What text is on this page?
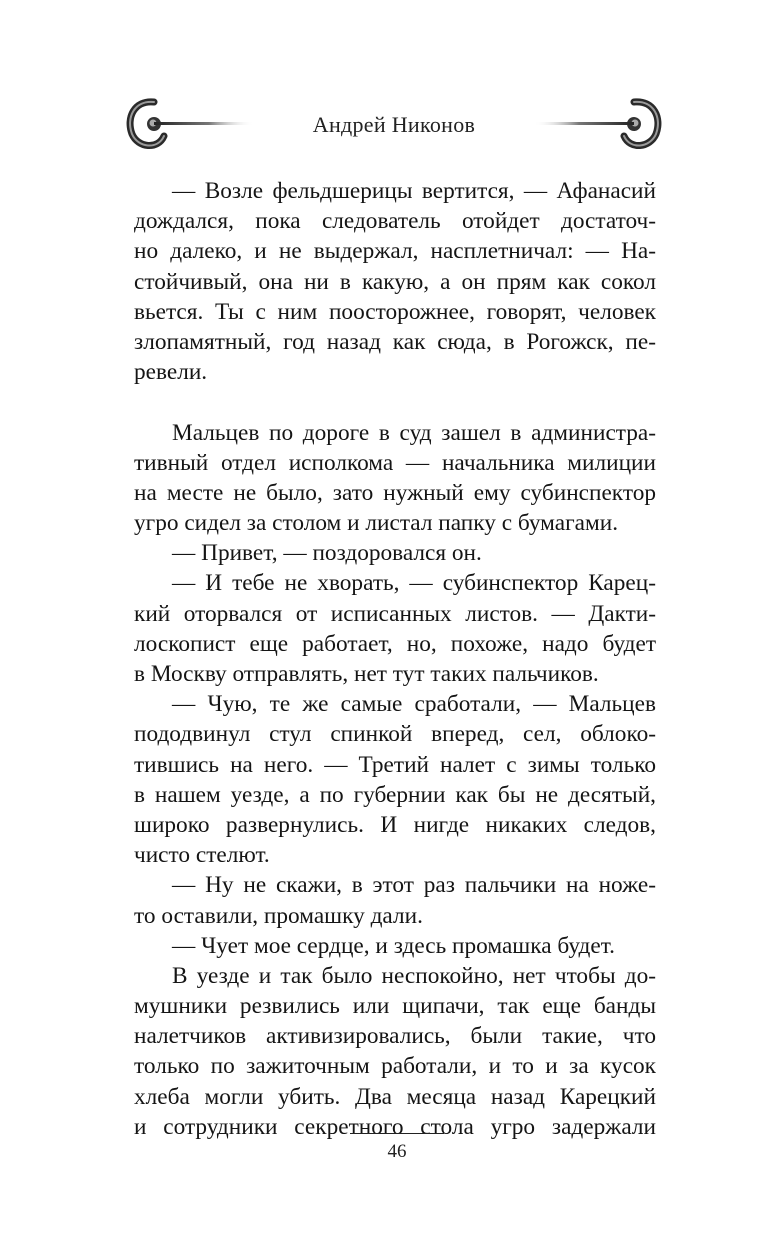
Андрей Никонов
— Возле фельдшерицы вертится, — Афанасий
дождался, пока следователь отойдет достаточ-
но далеко, и не выдержал, насплетничал: — На-
стойчивый, она ни в какую, а он прям как сокол
вьется. Ты с ним поосторожнее, говорят, человек
злопамятный, год назад как сюда, в Рогожск, пе-
ревели.
Мальцев по дороге в суд зашел в администра-
тивный отдел исполкома — начальника милиции
на месте не было, зато нужный ему субинспектор
угро сидел за столом и листал папку с бумагами.
— Привет, — поздоровался он.
— И тебе не хворать, — субинспектор Карец-
кий оторвался от исписанных листов. — Дакти-
лоскопист еще работает, но, похоже, надо будет
в Москву отправлять, нет тут таких пальчиков.
— Чую, те же самые сработали, — Мальцев
пододвинул стул спинкой вперед, сел, облоко-
тившись на него. — Третий налет с зимы только
в нашем уезде, а по губернии как бы не десятый,
широко развернулись. И нигде никаких следов,
чисто стелют.
— Ну не скажи, в этот раз пальчики на ноже-
то оставили, промашку дали.
— Чует мое сердце, и здесь промашка будет.
В уезде и так было неспокойно, нет чтобы до-
мушники резвились или щипачи, так еще банды
налетчиков активизировались, были такие, что
только по зажиточным работали, и то и за кусок
хлеба могли убить. Два месяца назад Карецкий
и сотрудники секретного стола угро задержали
46
